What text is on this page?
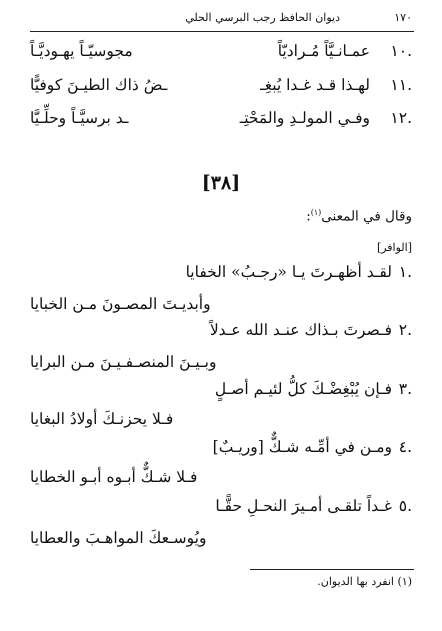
١٧٠
ديوان الحافظ رجب البرسي الحلي
١٠.
عمـانـيَّاً مُـراديّاً
مجوسيّـاً يهـوديَّـاً
١١.
لهـذا قـد غـدا يُبغِـ
ـضُ ذاك الطيـنَ كوفيًّا
١٢.
وفـي المولـدِ والمَحْتِـ
ـد برسيَّـاً وحلِّـيَّا
[٣٨]
وقال في المعنى$^{(١)}$:
[الوافر]
١.
لقـد أظهـرتَ يـا «رجـبُ» الخفايا
وأبديـتَ المصـونَ مـن الخبايا
٢.
فـصرتَ بـذاك عنـد الله عـدلاً
وبـيـنَ المنصـفـيـنَ مـن البرايا
٣.
فـإن يُبْغِضْـكَ كلُّ لئيـم أصـلٍ
فـلا يحزنـكَ أولادُ البغايا
٤.
ومـن في أمِّـه شـكٌّ [وريـبٌ]
فـلا شـكٌّ أبـوه أبـو الخطايا
٥.
غـداً تلقـى أمـيرَ النحـلِ حقًّـا
ويُوسـعكَ المواهـبَ والعطايا
(١) انفرد بها الديوان.
